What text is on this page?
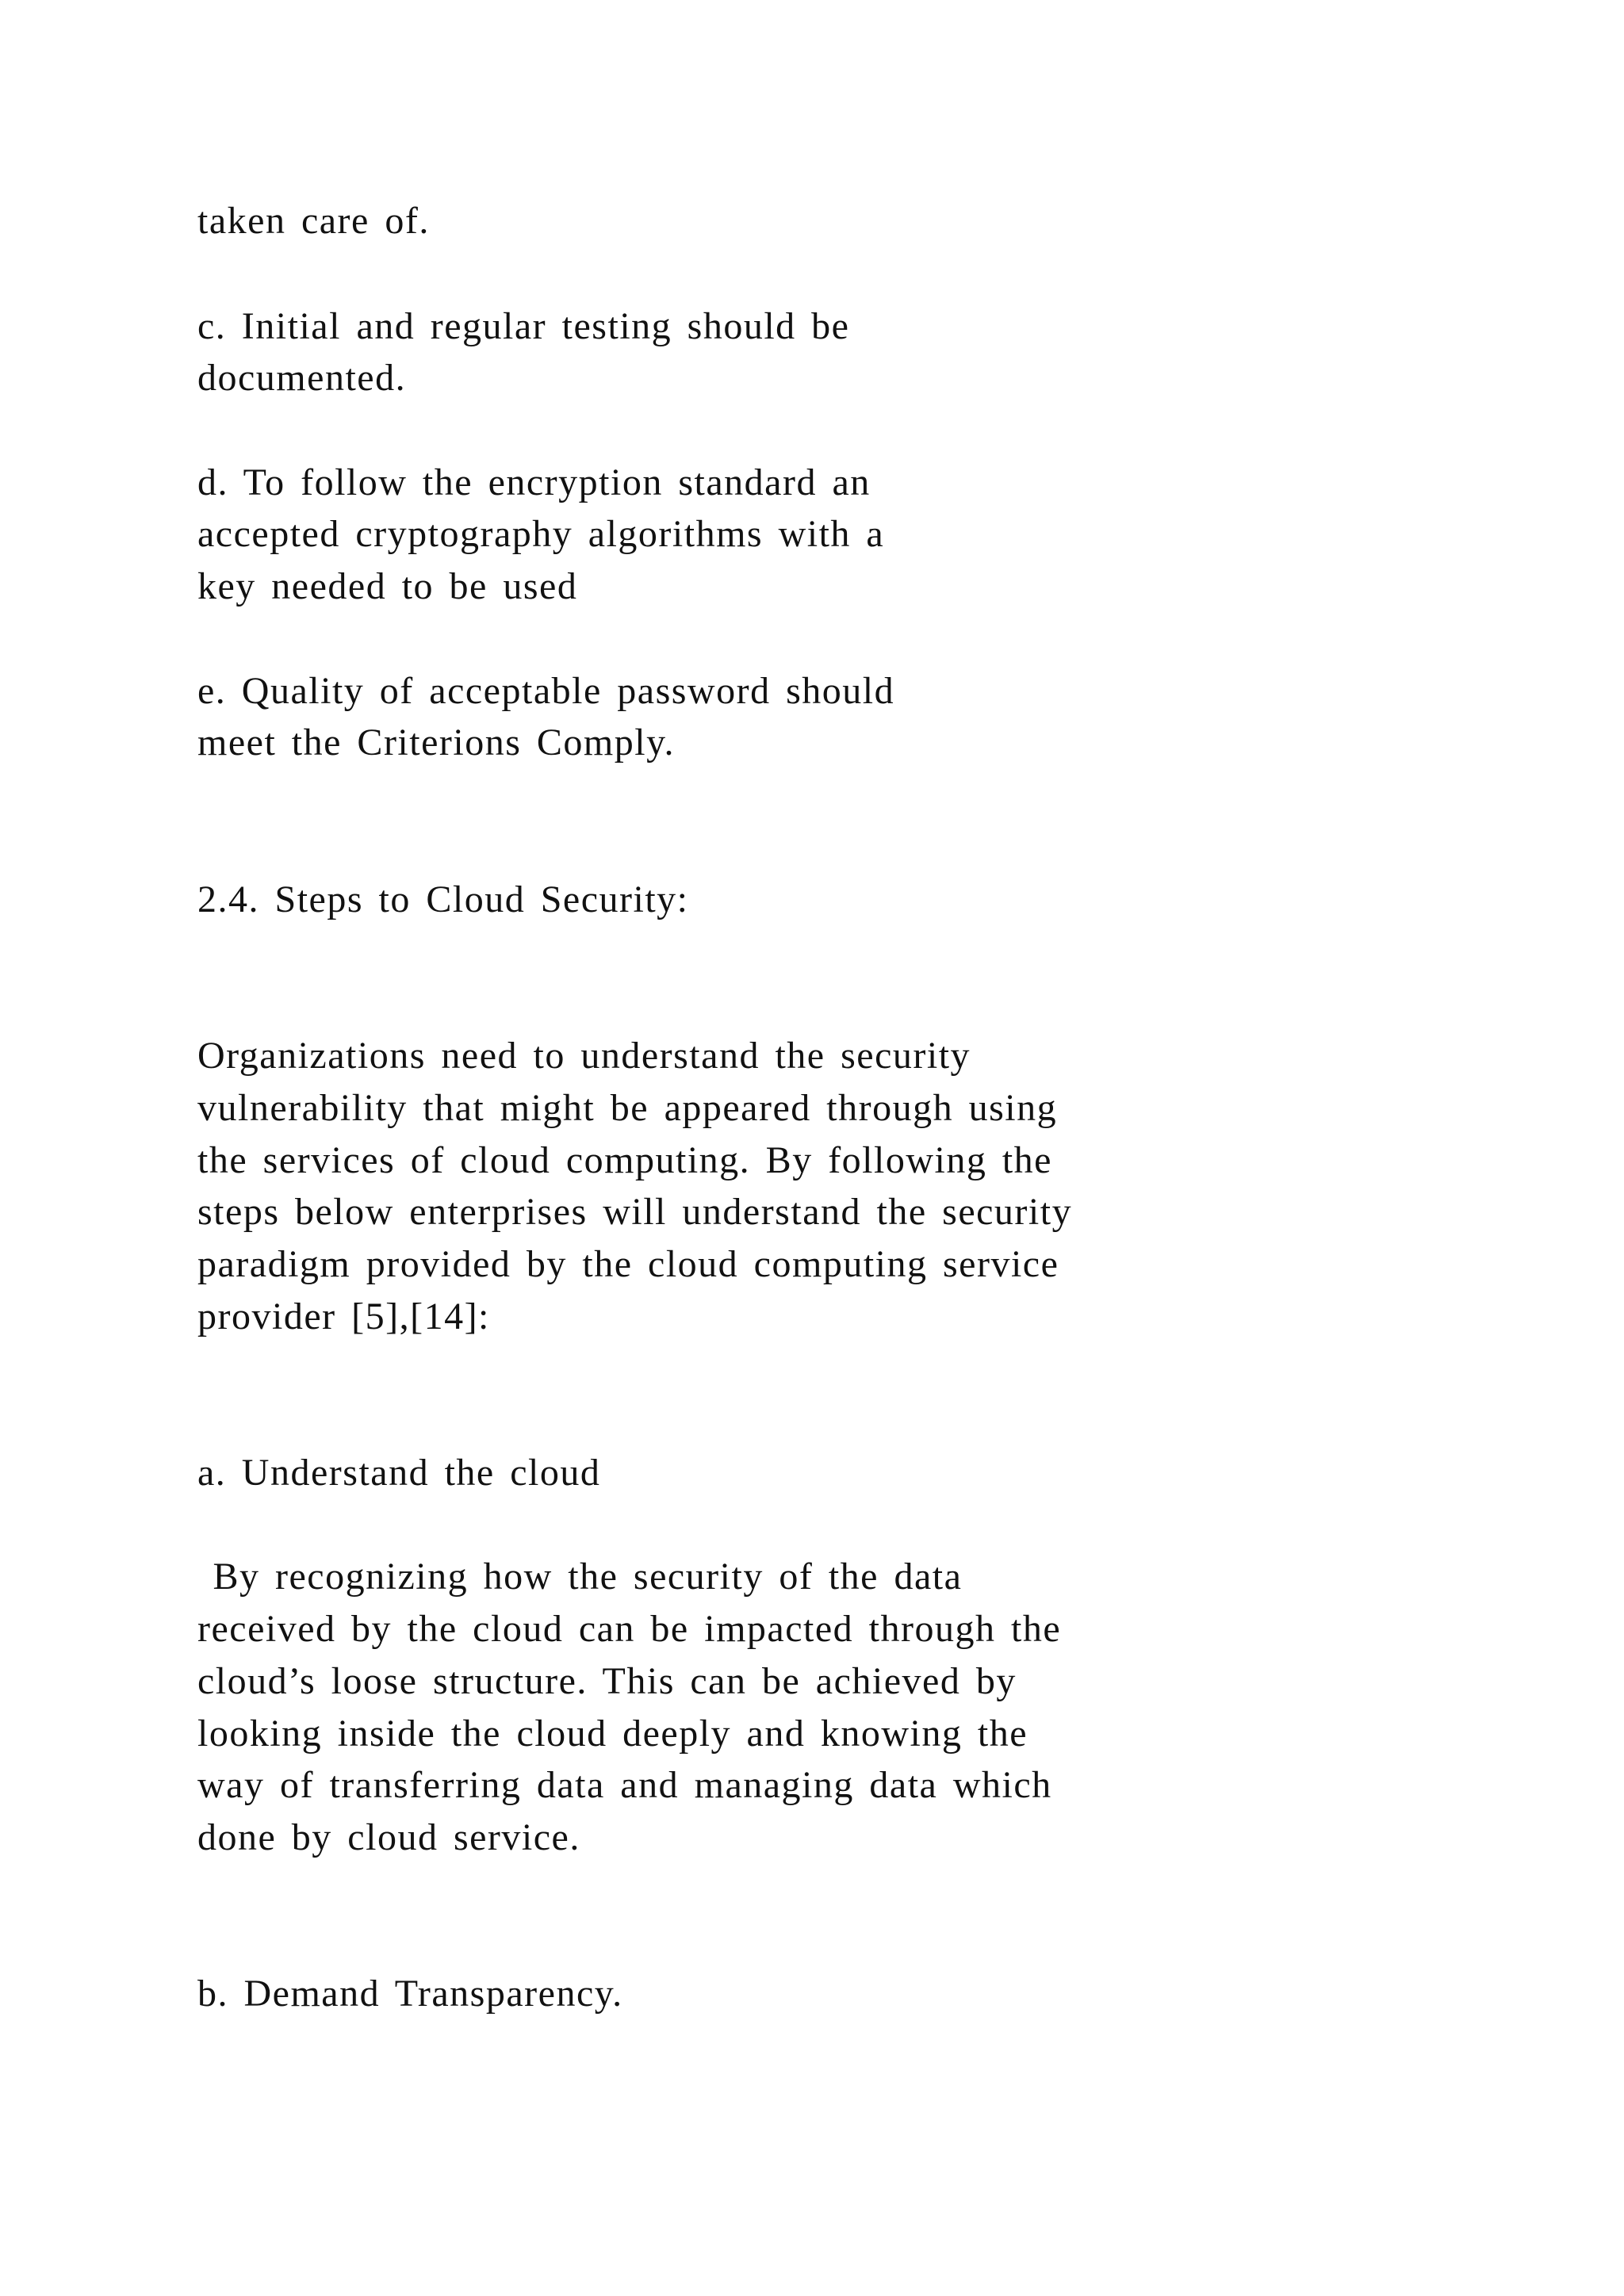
taken care of.

c. Initial and regular testing should be

documented.

d. To follow the encryption standard an

accepted cryptography algorithms with a

key needed to be used

e. Quality of acceptable password should

meet the Criterions Comply.

2.4. Steps to Cloud Security:

Organizations need to understand the security

vulnerability that might be appeared through using

the services of cloud computing. By following the

steps below enterprises will understand the security

paradigm provided by the cloud computing service

provider [5],[14]:

a. Understand the cloud

By recognizing how the security of the data

received by the cloud can be impacted through the

cloud’s loose structure. This can be achieved by

looking inside the cloud deeply and knowing the

way of transferring data and managing data which

done by cloud service.

b. Demand Transparency.
